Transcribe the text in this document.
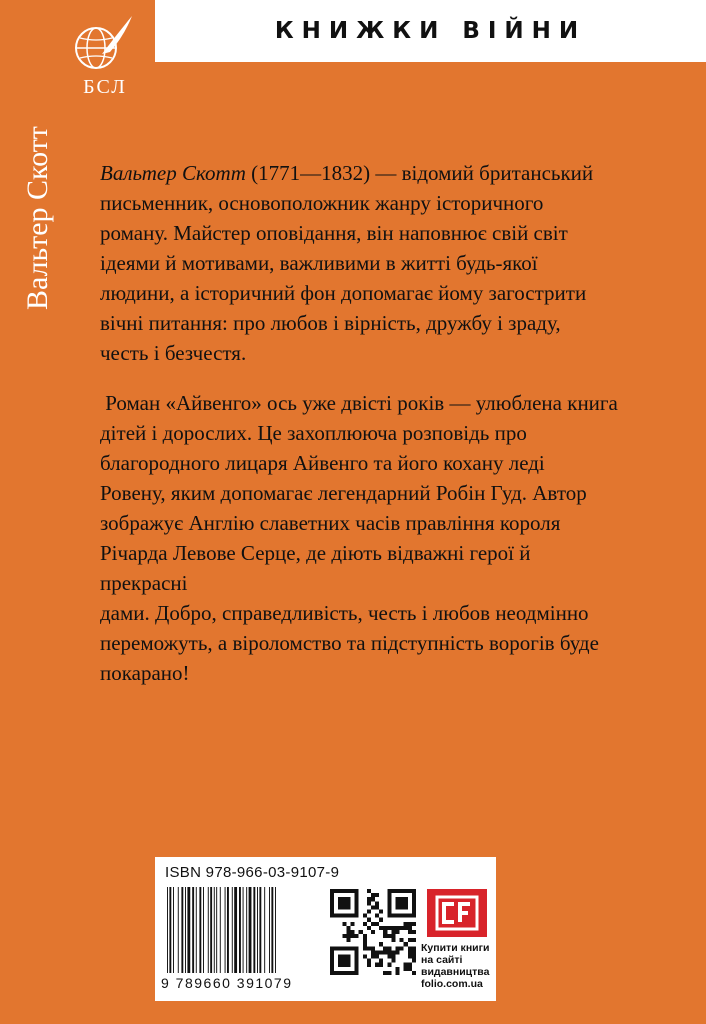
КНИЖКИ ВІЙНИ
БСЛ
Вальтер Скотт Вальтер Скотт (1771—1832) — відомий британський

письменник, основоположник жанру історичного

роману. Майстер оповідання, він наповнює свій світ

ідеями й мотивами, важливими в житті будь-якої

людини, а історичний фон допомагає йому загострити

вічні питання: про любов і вірність, дружбу і зраду,

честь і безчестя.

Роман «Айвенго» ось уже двісті років — улюблена книга

дітей і дорослих. Це захоплююча розповідь про

благородного лицаря Айвенго та його кохану леді

Ровену, яким допомагає легендарний Робін Гуд. Автор

зображує Англію славетних часів правління короля

Річарда Левове Серце, де діють відважні герої й прекрасні

дами. Добро, справедливість, честь і любов неодмінно

переможуть, а віроломство та підступність ворогів буде

покарано!

ISBN 978-966-03-9107-9
9 789660 391079
Купити книги
на сайті
видавництва
folio.com.ua
